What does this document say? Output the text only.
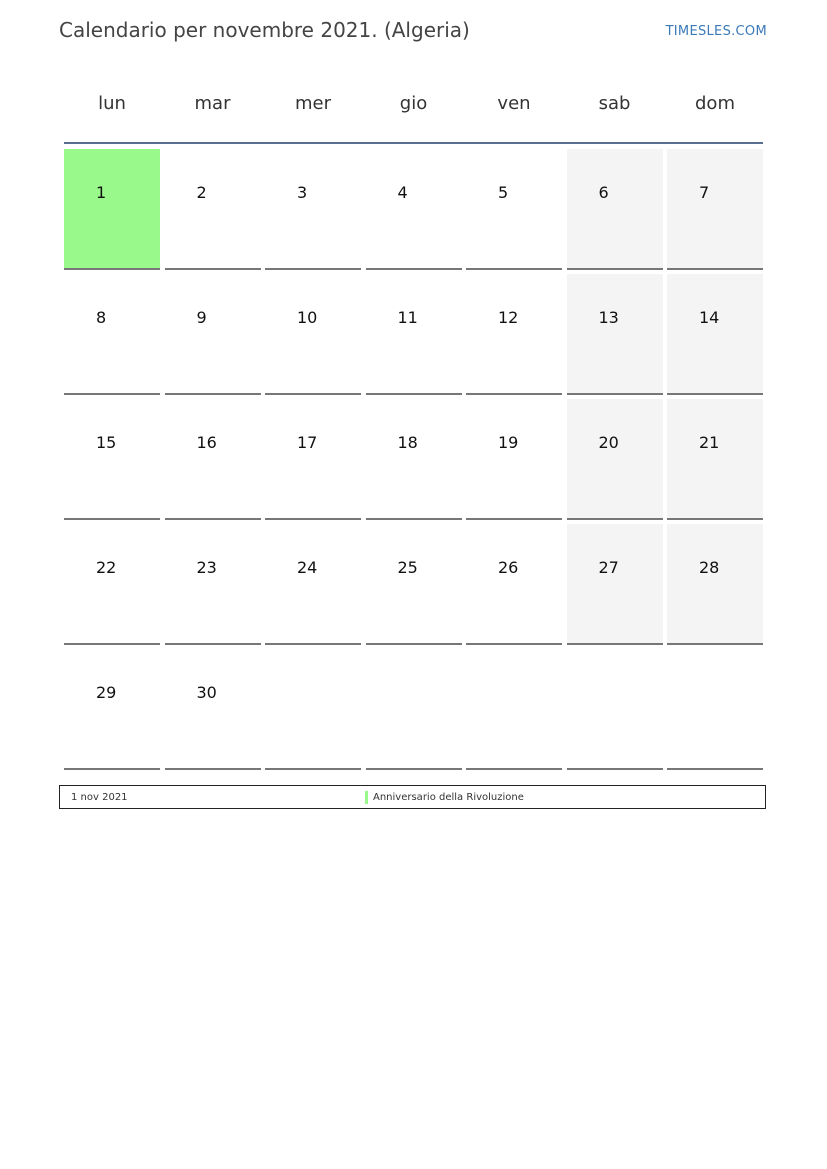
Calendario per novembre 2021. (Algeria)	TIMESLES.COM
lun	mar	mer	gio	ven	sab	dom
1	2	3	4	5	6	7
8	9	10	11	12	13	14
15	16	17	18	19	20	21
22	23	24	25	26	27	28
29	30
1 nov 2021	Anniversario della Rivoluzione
